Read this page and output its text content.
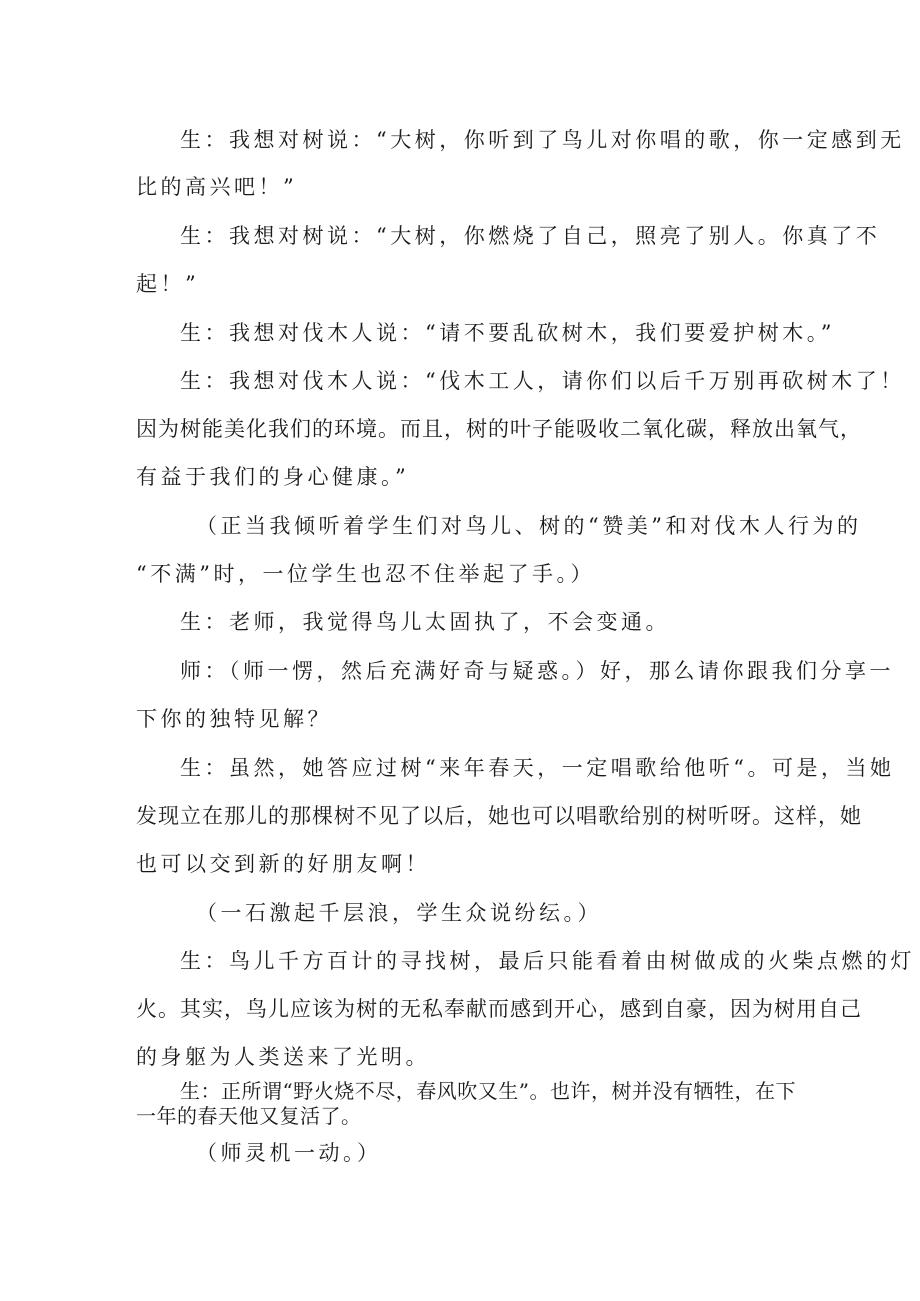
生：我想对树说：“大树，你听到了鸟儿对你唱的歌，你一定感到无

比的高兴吧！”

生：我想对树说：“大树，你燃烧了自己，照亮了别人。你真了不

起！”

生：我想对伐木人说：“请不要乱砍树木，我们要爱护树木。”

生：我想对伐木人说：“伐木工人，请你们以后千万别再砍树木了！

因为树能美化我们的环境。而且，树的叶子能吸收二氧化碳，释放出氧气，

有益于我们的身心健康。”

（正当我倾听着学生们对鸟儿、树的“赞美”和对伐木人行为的

“不满”时，一位学生也忍不住举起了手。）

生：老师，我觉得鸟儿太固执了，不会变通。

师：（师一愣，然后充满好奇与疑惑。）好，那么请你跟我们分享一

下你的独特见解？

生：虽然，她答应过树“来年春天，一定唱歌给他听“。可是，当她

发现立在那儿的那棵树不见了以后，她也可以唱歌给别的树听呀。这样，她

也可以交到新的好朋友啊！

（一石激起千层浪，学生众说纷纭。）

生：鸟儿千方百计的寻找树，最后只能看着由树做成的火柴点燃的灯

火。其实，鸟儿应该为树的无私奉献而感到开心，感到自豪，因为树用自己

的身躯为人类送来了光明。

生：正所谓“野火烧不尽，春风吹又生”。也许，树并没有牺牲，在下

一年的春天他又复活了。

（师灵机一动。）
